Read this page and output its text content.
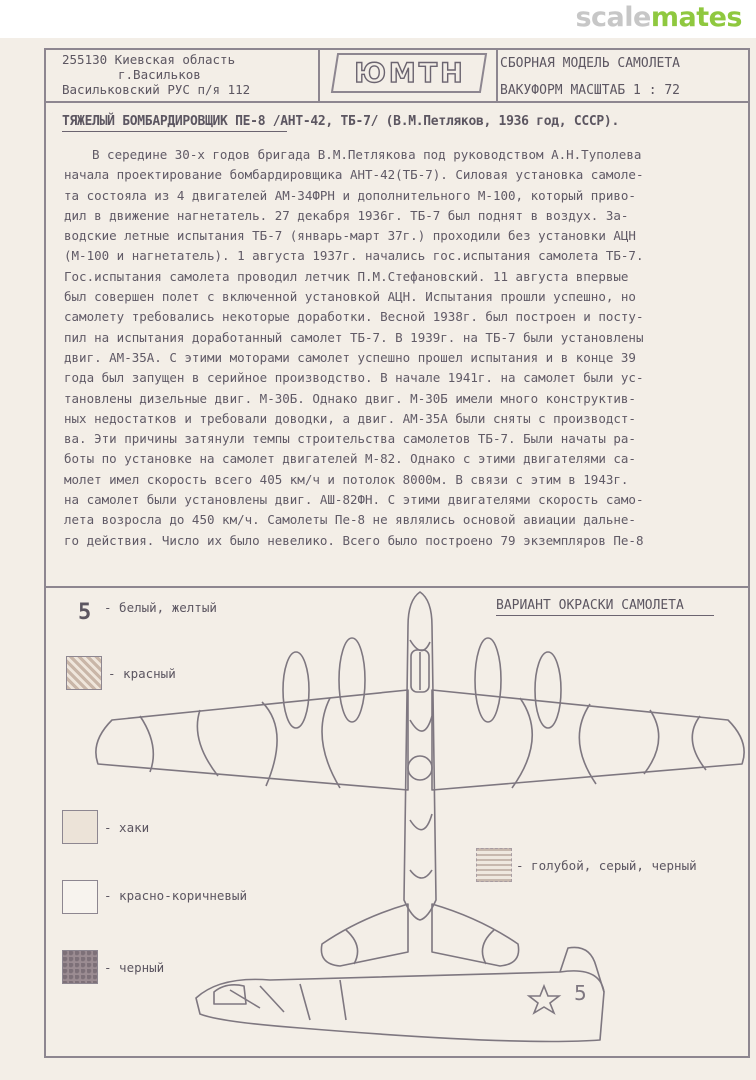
scalemates
255130 Киевская область
г.Васильков
Васильковский РУС п/я 112
ЮМТН	СБОРНАЯ МОДЕЛЬ САМОЛЕТА
ВАКУФОРМ МАСШТАБ 1 : 72
ТЯЖЕЛЫЙ БОМБАРДИРОВЩИК ПЕ-8 /АНТ-42, ТБ-7/ (В.М.Петляков, 1936 год, СССР).
В середине 30-х годов бригада В.М.Петлякова под руководством А.Н.Туполева
начала проектирование бомбардировщика АНТ-42(ТБ-7). Силовая установка самоле-
та состояла из 4 двигателей АМ-34ФРН и дополнительного М-100, который приво-
дил в движение нагнетатель. 27 декабря 1936г. ТБ-7 был поднят в воздух. За-
водские летные испытания ТБ-7 (январь-март 37г.) проходили без установки АЦН
(М-100 и нагнетатель). 1 августа 1937г. начались гос.испытания самолета ТБ-7.
Гос.испытания самолета проводил летчик П.М.Стефановский. 11 августа впервые
был совершен полет с включенной установкой АЦН. Испытания прошли успешно, но
самолету требовались некоторые доработки. Весной 1938г. был построен и посту-
пил на испытания доработанный самолет ТБ-7. В 1939г. на ТБ-7 были установлены
двиг. АМ-35А. С этими моторами самолет успешно прошел испытания и в конце 39
года был запущен в серийное производство. В начале 1941г. на самолет были ус-
тановлены дизельные двиг. М-30Б. Однако двиг. М-30Б имели много конструктив-
ных недостатков и требовали доводки, а двиг. АМ-35А были сняты с производст-
ва. Эти причины затянули темпы строительства самолетов ТБ-7. Были начаты ра-
боты по установке на самолет двигателей М-82. Однако с этими двигателями са-
молет имел скорость всего 405 км/ч и потолок 8000м. В связи с этим в 1943г.
на самолет были установлены двиг. АШ-82ФН. С этими двигателями скорость само-
лета возросла до 450 км/ч. Самолеты Пе-8 не являлись основой авиации дальне-
го действия. Число их было невелико. Всего было построено 79 экземпляров Пе-8
5
ВАРИАНТ ОКРАСКИ САМОЛЕТА
5 - белый, желтый
- красный
- хаки
- красно-коричневый
- черный
- голубой, серый, черный
